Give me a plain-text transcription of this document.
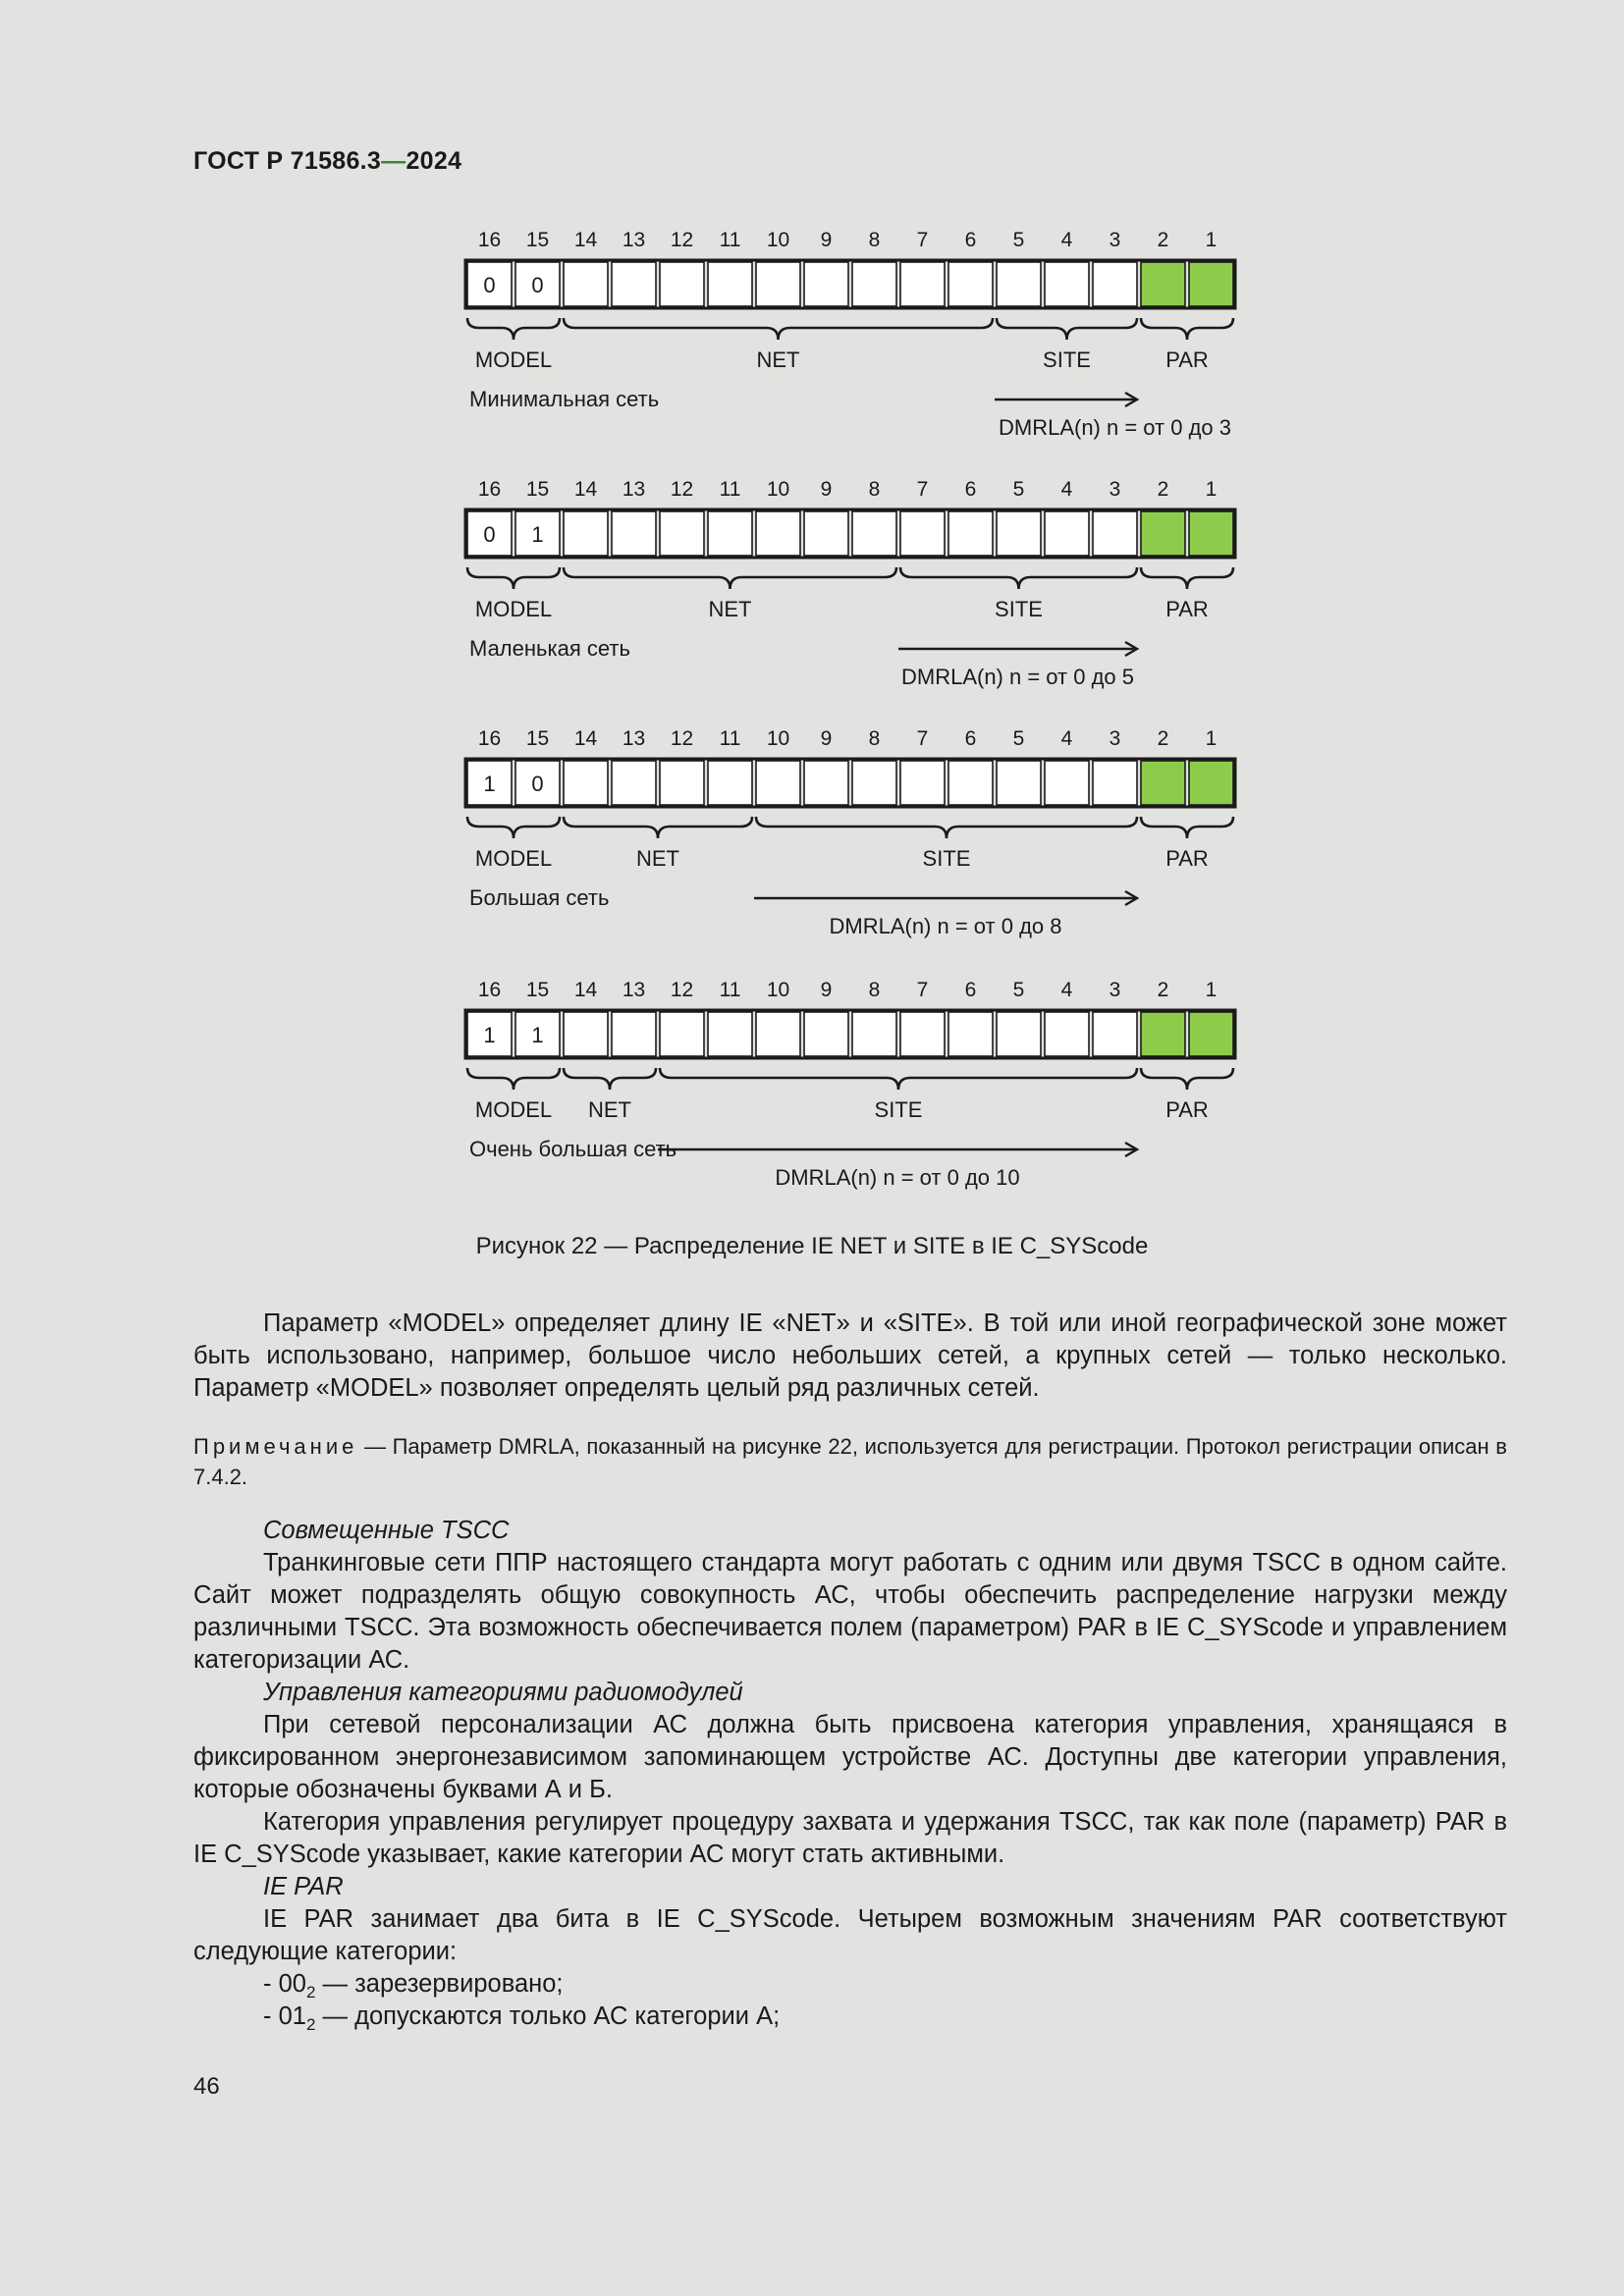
ГОСТ Р 71586.3—2024
16 15 14 13 12 11 10 9 8 7 6 5 4 3 2 1
0 0
MODEL	NET	SITE	PAR
Минимальная сеть
DMRLA(n) n = от 0 до 3
16 15 14 13 12 11 10 9 8 7 6 5 4 3 2 1
0 1
MODEL	NET	SITE	PAR
Маленькая сеть
DMRLA(n) n = от 0 до 5
16 15 14 13 12 11 10 9 8 7 6 5 4 3 2 1
1 0
MODEL	NET	SITE	PAR
Большая сеть
DMRLA(n) n = от 0 до 8
16 15 14 13 12 11 10 9 8 7 6 5 4 3 2 1
1 1
MODEL NET	SITE	PAR
Очень большая сеть
DMRLA(n) n = от 0 до 10
Рисунок 22 — Распределение IE NET и SITE в IE C_SYScode

Параметр «MODEL» определяет длину IE «NET» и «SITE». В той или иной географической зоне может быть использовано, например, большое число небольших сетей, а крупных сетей — только несколько. Параметр «MODEL» позволяет определять целый ряд различных сетей.

Примечание — Параметр DMRLA, показанный на рисунке 22, используется для регистрации. Протокол регистрации описан в 7.4.2.

Совмещенные TSCC

Транкинговые сети ППР настоящего стандарта могут работать с одним или двумя TSCC в одном сайте. Сайт может подразделять общую совокупность АС, чтобы обеспечить распределение нагрузки между различными TSCC. Эта возможность обеспечивается полем (параметром) PAR в IE C_SYScode и управлением категоризации АС.

Управления категориями радиомодулей

При сетевой персонализации АС должна быть присвоена категория управления, хранящаяся в фиксированном энергонезависимом запоминающем устройстве АС. Доступны две категории управления, которые обозначены буквами А и Б.

Категория управления регулирует процедуру захвата и удержания TSCC, так как поле (параметр) PAR в IE C_SYScode указывает, какие категории АС могут стать активными.

IE PAR

IE PAR занимает два бита в IE C_SYScode. Четырем возможным значениям PAR соответствуют следующие категории:

- $00_2$ — зарезервировано;
- $01_2$ — допускаются только АС категории А;
46
